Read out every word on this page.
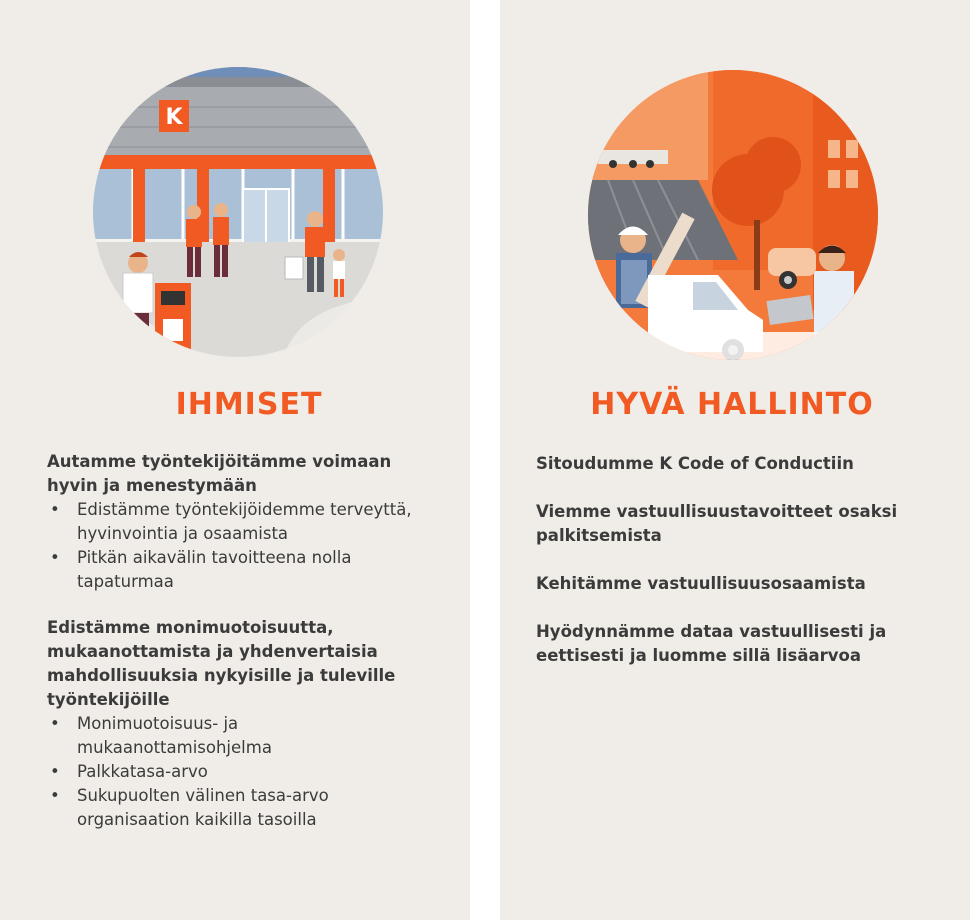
K
IHMISET
Autamme työntekijöitämme voimaan hyvin ja menestymään
• Edistämme työntekijöidemme terveyttä, hyvinvointia ja osaamista
• Pitkän aikavälin tavoitteena nolla tapaturmaa
Edistämme monimuotoisuutta, mukaanottamista ja yhdenvertaisia mahdollisuuksia nykyisille ja tuleville työntekijöille
• Monimuotoisuus- ja mukaanottamisohjelma
• Palkkatasa-arvo
• Sukupuolten välinen tasa-arvo organisaation kaikilla tasoilla
HYVÄ HALLINTO
Sitoudumme K Code of Conductiin
Viemme vastuullisuustavoitteet osaksi palkitsemista
Kehitämme vastuullisuusosaamista
Hyödynnämme dataa vastuullisesti ja eettisesti ja luomme sillä lisäarvoa
